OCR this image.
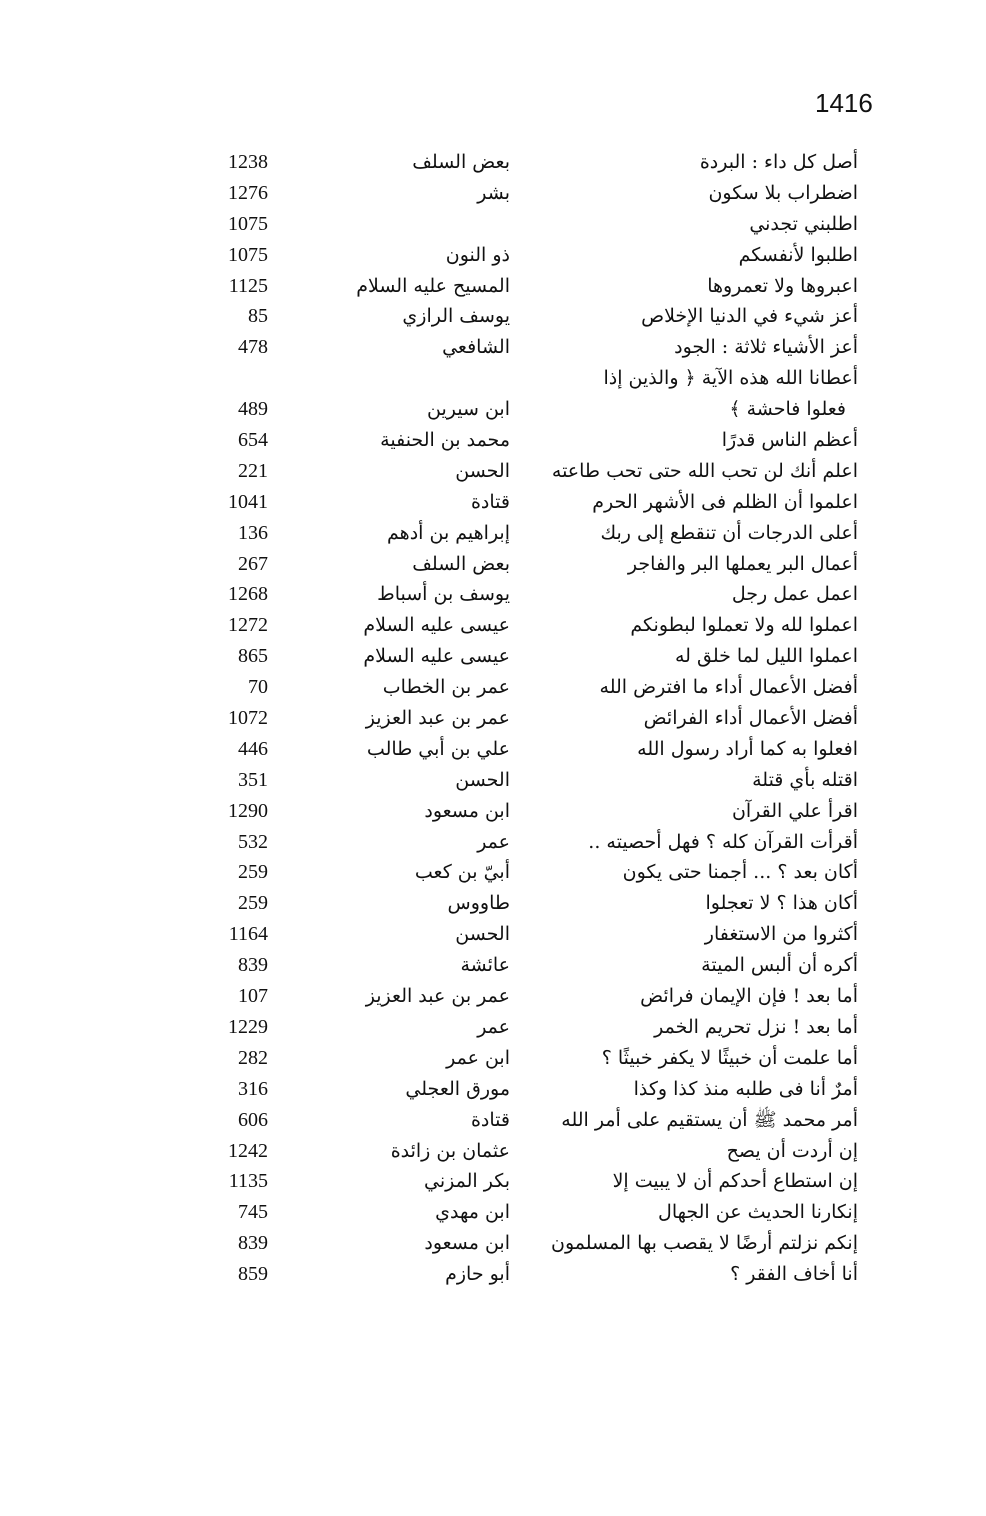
1416
أصل كل داء : البردة
بعض السلف
1238
اضطراب بلا سكون
بشر
1276
اطلبني تجدني
1075
اطلبوا لأنفسكم
ذو النون
1075
اعبروها ولا تعمروها
المسيح عليه السلام
1125
أعز شيء في الدنيا الإخلاص
يوسف الرازي
85
أعز الأشياء ثلاثة : الجود
الشافعي
478
أعطانا الله هذه الآية ﴿ والذين إذا
فعلوا فاحشة ﴾
ابن سيرين
489
أعظم الناس قدرًا
محمد بن الحنفية
654
اعلم أنك لن تحب الله حتى تحب طاعته
الحسن
221
اعلموا أن الظلم فى الأشهر الحرم
قتادة
1041
أعلى الدرجات أن تنقطع إلى ربك
إبراهيم بن أدهم
136
أعمال البر يعملها البر والفاجر
بعض السلف
267
اعمل عمل رجل
يوسف بن أسباط
1268
اعملوا لله ولا تعملوا لبطونكم
عيسى عليه السلام
1272
اعملوا الليل لما خلق له
عيسى عليه السلام
865
أفضل الأعمال أداء ما افترض الله
عمر بن الخطاب
70
أفضل الأعمال أداء الفرائض
عمر بن عبد العزيز
1072
افعلوا به كما أراد رسول الله
علي بن أبي طالب
446
اقتله بأي قتلة
الحسن
351
اقرأ علي القرآن
ابن مسعود
1290
أقرأت القرآن كله ؟ فهل أحصيته ..
عمر
532
أكان بعد ؟ ... أجمنا حتى يكون
أبيّ بن كعب
259
أكان هذا ؟ لا تعجلوا
طاووس
259
أكثروا من الاستغفار
الحسن
1164
أكره أن ألبس الميتة
عائشة
839
أما بعد ! فإن الإيمان فرائض
عمر بن عبد العزيز
107
أما بعد ! نزل تحريم الخمر
عمر
1229
أما علمت أن خبيثًا لا يكفر خبيثًا ؟
ابن عمر
282
أمرٌ أنا فى طلبه منذ كذا وكذا
مورق العجلي
316
أمر محمد ﷺ أن يستقيم على أمر الله
قتادة
606
إن أردت أن يصح
عثمان بن زائدة
1242
إن استطاع أحدكم أن لا يبيت إلا
بكر المزني
1135
إنكارنا الحديث عن الجهال
ابن مهدي
745
إنكم نزلتم أرضًا لا يقصب بها المسلمون
ابن مسعود
839
أنا أخاف الفقر ؟
أبو حازم
859
